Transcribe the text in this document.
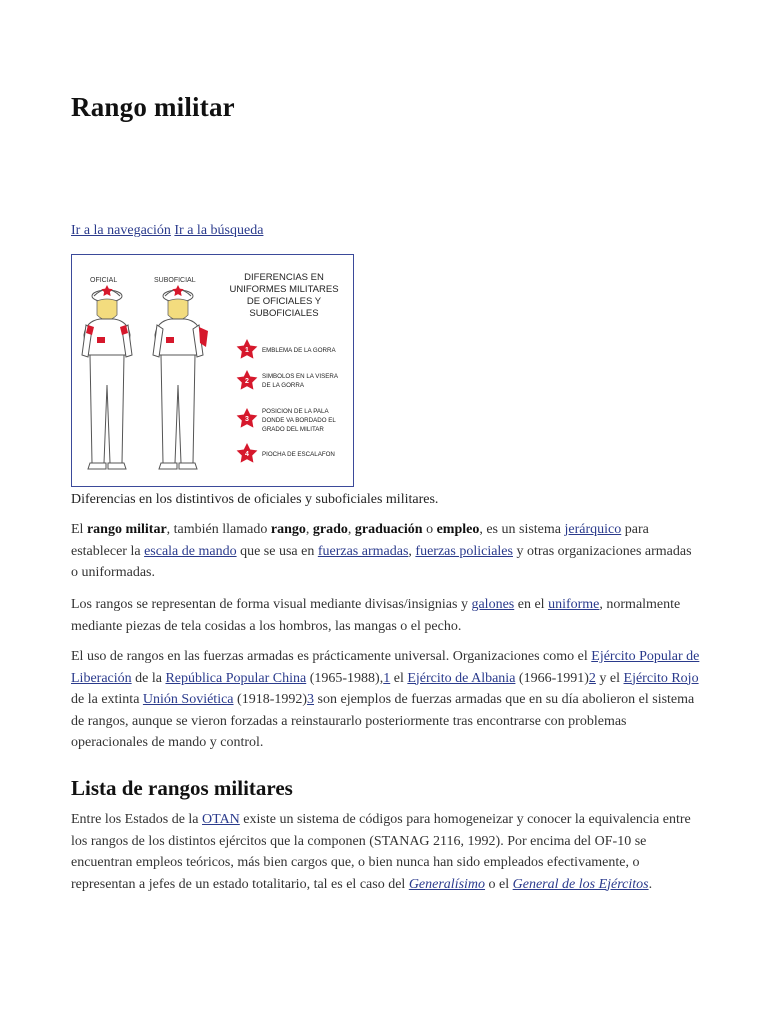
Rango militar
Ir a la navegación Ir a la búsqueda
OFICIAL	SUBOFICIAL	DIFERENCIAS EN
UNIFORMES MILITARES
DE OFICIALES Y
SUBOFICIALES
1 EMBLEMA DE LA GORRA
2
SIMBOLOS EN LA VISERA
DE LA GORRA
3
POSICION DE LA PALA
DONDE VA BORDADO EL
GRADO DEL MILITAR
4 PIOCHA DE ESCALAFON
Diferencias en los distintivos de oficiales y suboficiales militares.

El rango militar, también llamado rango, grado, graduación o empleo, es un sistema jerárquico para establecer la escala de mando que se usa en fuerzas armadas, fuerzas policiales y otras organizaciones armadas o uniformadas.

Los rangos se representan de forma visual mediante divisas/insignias y galones en el uniforme, normalmente mediante piezas de tela cosidas a los hombros, las mangas o el pecho.

El uso de rangos en las fuerzas armadas es prácticamente universal. Organizaciones como el Ejército Popular de Liberación de la República Popular China (1965-1988),1 el Ejército de Albania (1966-1991)2 y el Ejército Rojo de la extinta Unión Soviética (1918-1992)3 son ejemplos de fuerzas armadas que en su día abolieron el sistema de rangos, aunque se vieron forzadas a reinstaurarlo posteriormente tras encontrarse con problemas operacionales de mando y control.

Lista de rangos militares

Entre los Estados de la OTAN existe un sistema de códigos para homogeneizar y conocer la equivalencia entre los rangos de los distintos ejércitos que la componen (STANAG 2116, 1992). Por encima del OF-10 se encuentran empleos teóricos, más bien cargos que, o bien nunca han sido empleados efectivamente, o representan a jefes de un estado totalitario, tal es el caso del Generalísimo o el General de los Ejércitos.
